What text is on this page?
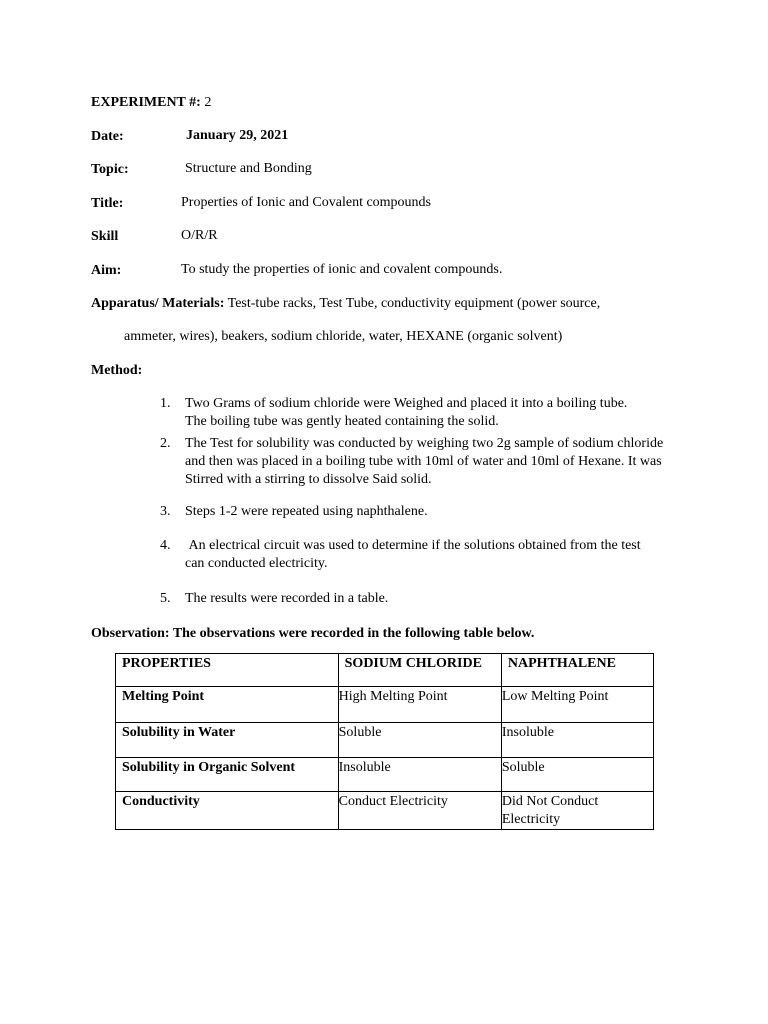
EXPERIMENT #: 2
Date:	January 29, 2021
Topic:	Structure and Bonding
Title:	Properties of Ionic and Covalent compounds
Skill	O/R/R
Aim:	To study the properties of ionic and covalent compounds.
Apparatus/ Materials: Test-tube racks, Test Tube, conductivity equipment (power source,
ammeter, wires), beakers, sodium chloride, water, HEXANE (organic solvent)
Method:
1. Two Grams of sodium chloride were Weighed and placed it into a boiling tube. The boiling tube was gently heated containing the solid.
2. The Test for solubility was conducted by weighing two 2g sample of sodium chloride and then was placed in a boiling tube with 10ml of water and 10ml of Hexane. It was Stirred with a stirring to dissolve Said solid.
3. Steps 1-2 were repeated using naphthalene.
4. An electrical circuit was used to determine if the solutions obtained from the test can conducted electricity.
5. The results were recorded in a table.
Observation: The observations were recorded in the following table below.
PROPERTIES	SODIUM CHLORIDE	NAPHTHALENE
Melting Point	High Melting Point	Low Melting Point
Solubility in Water	Soluble	Insoluble
Solubility in Organic Solvent	Insoluble	Soluble
Conductivity	Conduct Electricity	Did Not Conduct Electricity
